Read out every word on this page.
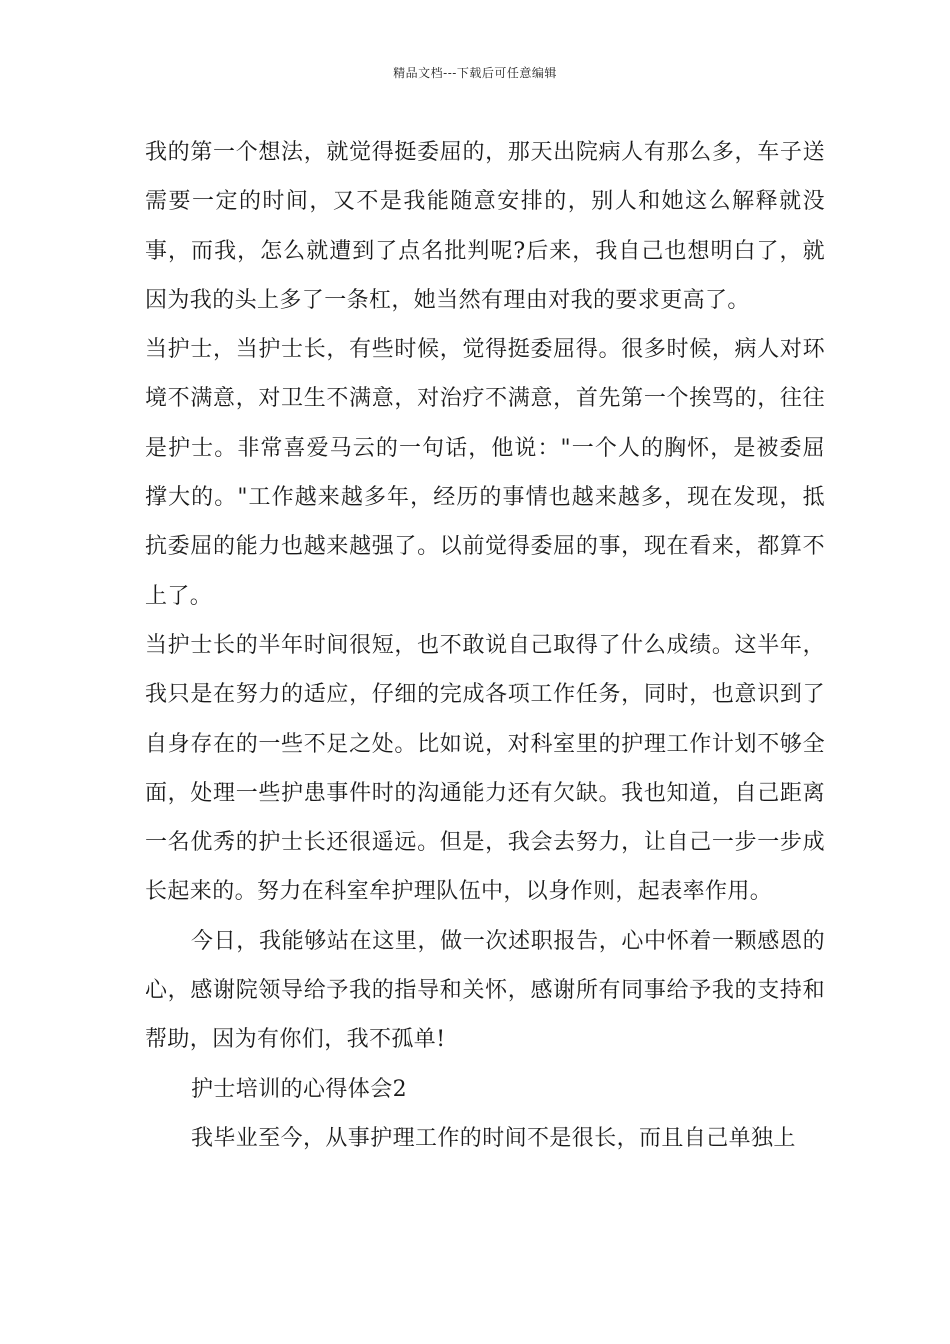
精品文档---下载后可任意编辑

我的第一个想法，就觉得挺委屈的，那天出院病人有那么多，车子送需要一定的时间，又不是我能随意安排的，别人和她这么解释就没事，而我，怎么就遭到了点名批判呢?后来，我自己也想明白了，就因为我的头上多了一条杠，她当然有理由对我的要求更高了。

当护士，当护士长，有些时候，觉得挺委屈得。很多时候，病人对环境不满意，对卫生不满意，对治疗不满意，首先第一个挨骂的，往往是护士。非常喜爱马云的一句话，他说："一个人的胸怀，是被委屈撑大的。"工作越来越多年，经历的事情也越来越多，现在发现，抵抗委屈的能力也越来越强了。以前觉得委屈的事，现在看来，都算不上了。

当护士长的半年时间很短，也不敢说自己取得了什么成绩。这半年，我只是在努力的适应，仔细的完成各项工作任务，同时，也意识到了自身存在的一些不足之处。比如说，对科室里的护理工作计划不够全面，处理一些护患事件时的沟通能力还有欠缺。我也知道，自己距离一名优秀的护士长还很遥远。但是，我会去努力，让自己一步一步成长起来的。努力在科室牟护理队伍中，以身作则，起表率作用。

今日，我能够站在这里，做一次述职报告，心中怀着一颗感恩的心，感谢院领导给予我的指导和关怀，感谢所有同事给予我的支持和帮助，因为有你们，我不孤单!

护士培训的心得体会2

我毕业至今，从事护理工作的时间不是很长，而且自己单独上
